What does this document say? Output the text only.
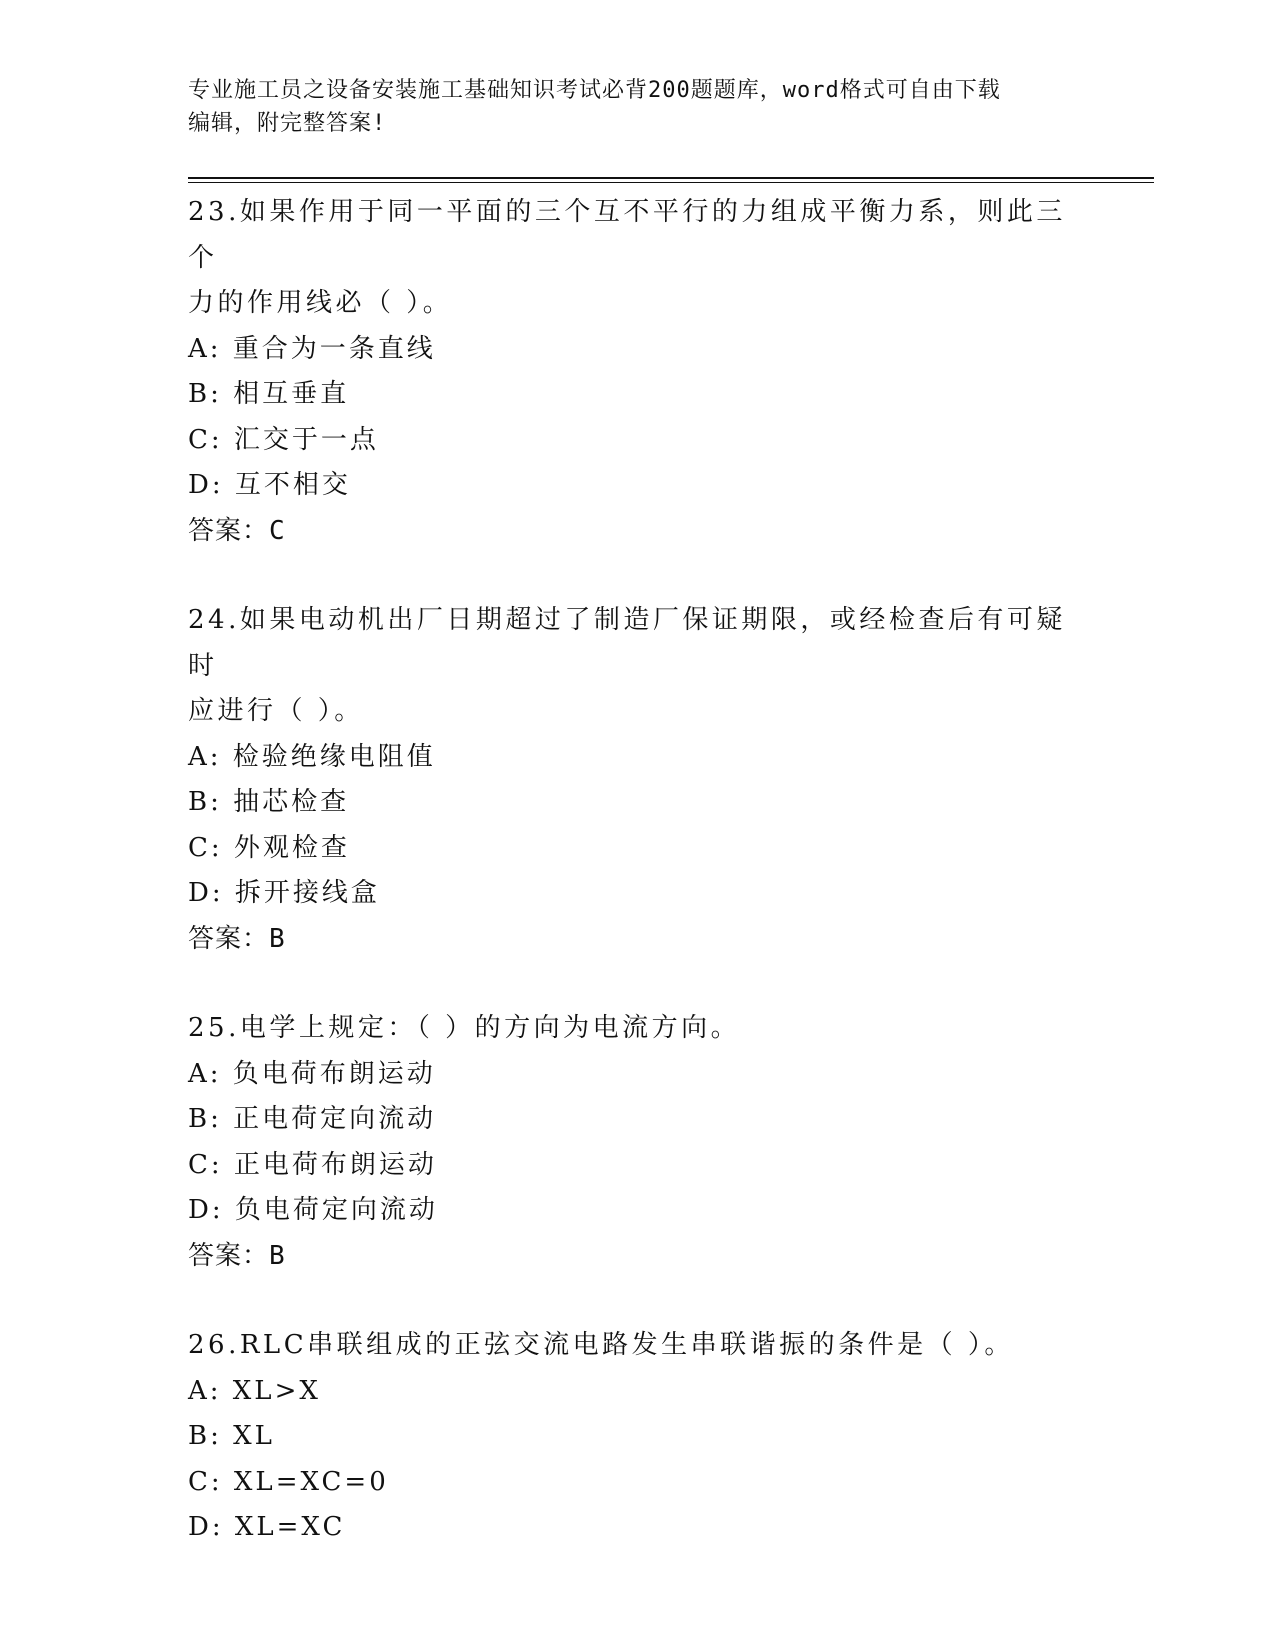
专业施工员之设备安装施工基础知识考试必背200题题库，word格式可自由下载
编辑，附完整答案!
23.如果作用于同一平面的三个互不平行的力组成平衡力系，则此三个
力的作用线必（ ）。
A: 重合为一条直线
B: 相互垂直
C: 汇交于一点
D: 互不相交
答案：C
24.如果电动机出厂日期超过了制造厂保证期限，或经检查后有可疑时
应进行（ ）。
A: 检验绝缘电阻值
B: 抽芯检查
C: 外观检查
D: 拆开接线盒
答案：B
25.电学上规定：（ ）的方向为电流方向。
A: 负电荷布朗运动
B: 正电荷定向流动
C: 正电荷布朗运动
D: 负电荷定向流动
答案：B
26.RLC串联组成的正弦交流电路发生串联谐振的条件是（ ）。
A: XL>X
B: XL
C: XL=XC=0
D: XL=XC
